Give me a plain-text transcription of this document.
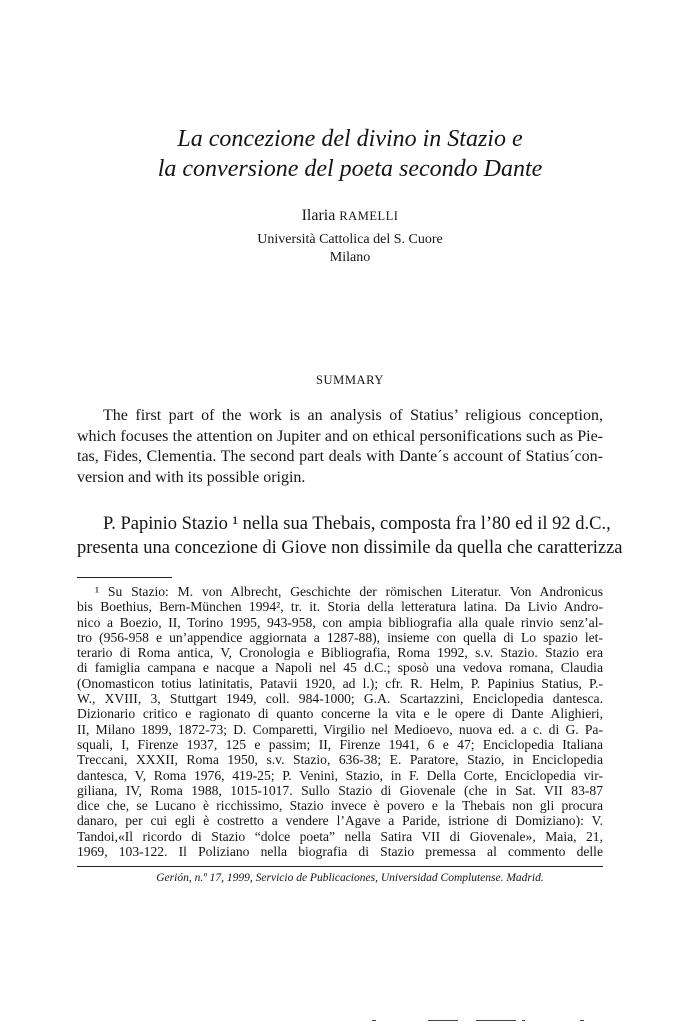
La concezione del divino in Stazio e
la conversione del poeta secondo Dante
Ilaria RAMELLI
Università Cattolica del S. Cuore
Milano
SUMMARY
The first part of the work is an analysis of Statius’ religious conception,
which focuses the attention on Jupiter and on ethical personifications such as Pie-
tas, Fides, Clementia. The second part deals with Dante´s account of Statius´con-
version and with its possible origin.
P. Papinio Stazio ¹ nella sua Thebais, composta fra l’80 ed il 92 d.C.,
presenta una concezione di Giove non dissimile da quella che caratterizza
¹ Su Stazio: M. von Albrecht, Geschichte der römischen Literatur. Von Andronicus
bis Boethius, Bern-München 1994², tr. it. Storia della letteratura latina. Da Livio Andro-
nico a Boezio, II, Torino 1995, 943-958, con ampia bibliografia alla quale rinvio senz’al-
tro (956-958 e un’appendice aggiornata a 1287-88), insieme con quella di Lo spazio let-
terario di Roma antica, V, Cronologia e Bibliografia, Roma 1992, s.v. Stazio. Stazio era
di famiglia campana e nacque a Napoli nel 45 d.C.; sposò una vedova romana, Claudia
(Onomasticon totius latinitatis, Patavii 1920, ad l.); cfr. R. Helm, P. Papinius Statius, P.-
W., XVIII, 3, Stuttgart 1949, coll. 984-1000; G.A. Scartazzini, Enciclopedia dantesca.
Dizionario critico e ragionato di quanto concerne la vita e le opere di Dante Alighieri,
II, Milano 1899, 1872-73; D. Comparetti, Virgilio nel Medioevo, nuova ed. a c. di G. Pa-
squali, I, Firenze 1937, 125 e passim; II, Firenze 1941, 6 e 47; Enciclopedia Italiana
Treccani, XXXII, Roma 1950, s.v. Stazio, 636-38; E. Paratore, Stazio, in Enciclopedia
dantesca, V, Roma 1976, 419-25; P. Venini, Stazio, in F. Della Corte, Enciclopedia vir-
giliana, IV, Roma 1988, 1015-1017. Sullo Stazio di Giovenale (che in Sat. VII 83-87
dice che, se Lucano è ricchissimo, Stazio invece è povero e la Thebais non gli procura
danaro, per cui egli è costretto a vendere l’Agave a Paride, istrione di Domiziano): V.
Tandoi,«Il ricordo di Stazio “dolce poeta” nella Satira VII di Giovenale», Maia, 21,
1969, 103-122. Il Poliziano nella biografia di Stazio premessa al commento delle
Gerión, n.º 17, 1999, Servicio de Publicaciones, Universidad Complutense. Madrid.
